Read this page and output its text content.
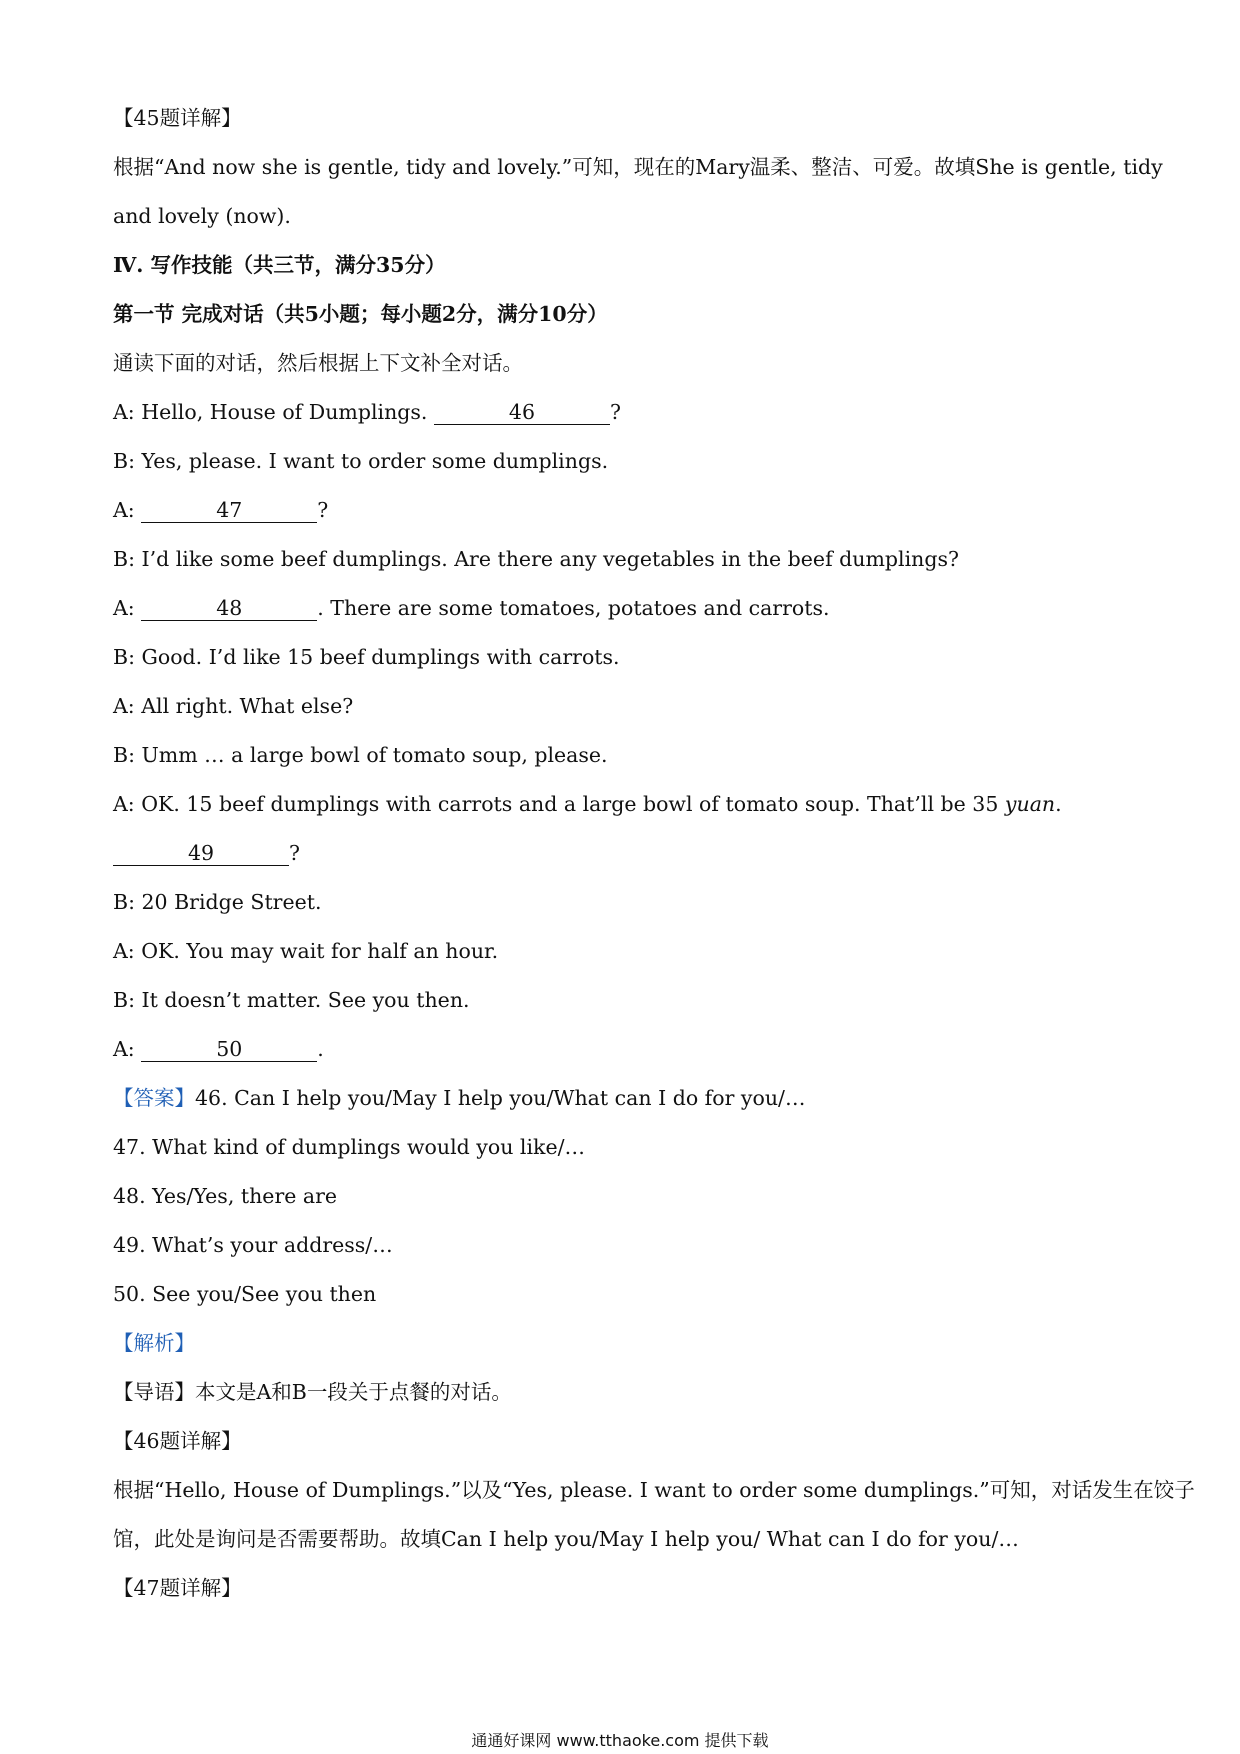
【45题详解】
根据“And now she is gentle, tidy and lovely.”可知，现在的Mary温柔、整洁、可爱。故填She is gentle, tidy
and lovely (now).
Ⅳ. 写作技能（共三节，满分35分）
第一节 完成对话（共5小题；每小题2分，满分10分）
通读下面的对话，然后根据上下文补全对话。
A: Hello, House of Dumplings.	46	?
B: Yes, please. I want to order some dumplings.
A:	47	?
B: I’d like some beef dumplings. Are there any vegetables in the beef dumplings?
A:	48	. There are some tomatoes, potatoes and carrots.
B: Good. I’d like 15 beef dumplings with carrots.
A: All right. What else?
B: Umm … a large bowl of tomato soup, please.
A: OK. 15 beef dumplings with carrots and a large bowl of tomato soup. That’ll be 35 yuan.
49	?
B: 20 Bridge Street.
A: OK. You may wait for half an hour.
B: It doesn’t matter. See you then.
A:	50	.
【答案】46. Can I help you/May I help you/What can I do for you/…
47. What kind of dumplings would you like/…
48. Yes/Yes, there are
49. What’s your address/…
50. See you/See you then
【解析】
【导语】本文是A和B一段关于点餐的对话。
【46题详解】
根据“Hello, House of Dumplings.”以及“Yes, please. I want to order some dumplings.”可知，对话发生在饺子
馆，此处是询问是否需要帮助。故填Can I help you/May I help you/ What can I do for you/…
【47题详解】
通通好课网 www.tthaoke.com 提供下载
